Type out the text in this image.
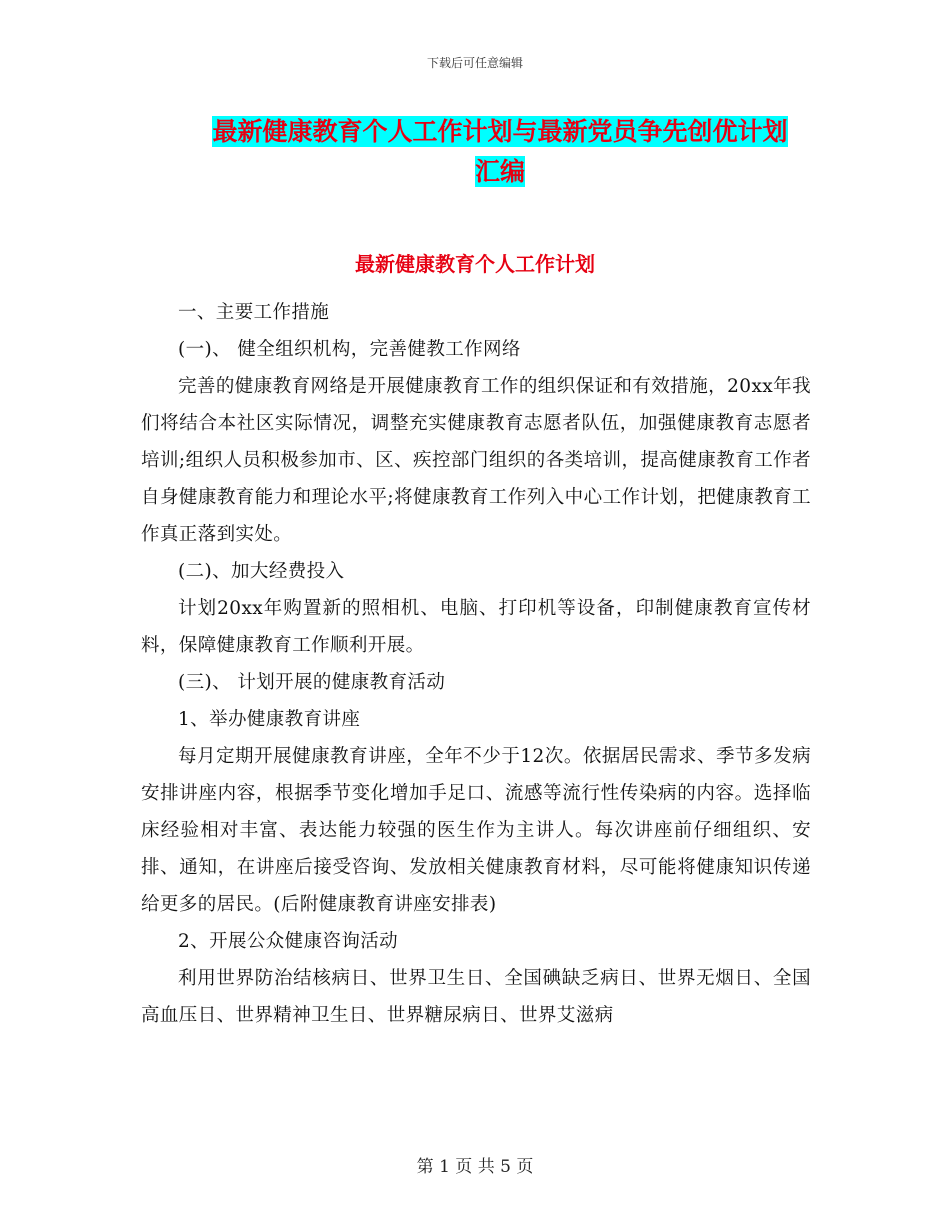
下载后可任意编辑
最新健康教育个人工作计划与最新党员争先创优计划
汇编
最新健康教育个人工作计划

一、主要工作措施

(一)、 健全组织机构，完善健教工作网络

完善的健康教育网络是开展健康教育工作的组织保证和有效措施，20xx年我们将结合本社区实际情况，调整充实健康教育志愿者队伍，加强健康教育志愿者培训;组织人员积极参加市、区、疾控部门组织的各类培训，提高健康教育工作者自身健康教育能力和理论水平;将健康教育工作列入中心工作计划，把健康教育工作真正落到实处。

(二)、加大经费投入

计划20xx年购置新的照相机、电脑、打印机等设备，印制健康教育宣传材料，保障健康教育工作顺利开展。

(三)、 计划开展的健康教育活动

1、举办健康教育讲座

每月定期开展健康教育讲座，全年不少于12次。依据居民需求、季节多发病安排讲座内容，根据季节变化增加手足口、流感等流行性传染病的内容。选择临床经验相对丰富、表达能力较强的医生作为主讲人。每次讲座前仔细组织、安排、通知，在讲座后接受咨询、发放相关健康教育材料，尽可能将健康知识传递给更多的居民。(后附健康教育讲座安排表)

2、开展公众健康咨询活动

利用世界防治结核病日、世界卫生日、全国碘缺乏病日、世界无烟日、全国高血压日、世界精神卫生日、世界糖尿病日、世界艾滋病

第 1 页 共 5 页
